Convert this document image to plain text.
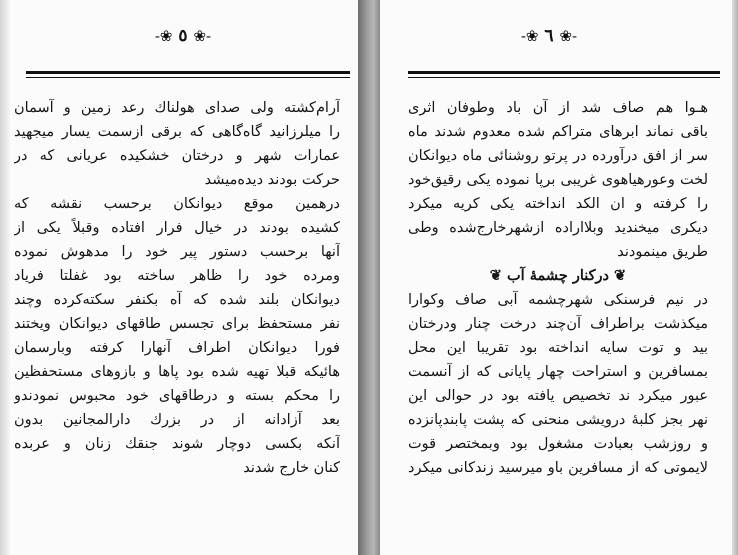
-❀ ٥ ❀-
آرام‌کشته ولی صدای هولناك رعد زمین و آسمان
را میلرزانید گاه‌گاهی که برقی ازسمت یسار میجهید
عمارات شهر و درختان خشکیده عریانی که در
حرکت بودند دیده‌میشد
درهمین موقع دیوانکان برحسب نقشه که
کشیده بودند در خیال فرار افتاده وقبلاً یکی از
آنها برحسب دستور پیر خود را مدهوش نموده
ومرده خود را ظاهر ساخته بود غفلتا فریاد
دیوانکان بلند شده که آه بکنفر سکته‌کرده وچند
نفر مستحفظ برای تجسس طاقهای دیوانکان ویختند
فورا دیوانکان اطراف آنهارا کرفته وبارسمان
هائیکه قبلا تهیه شده بود پاها و بازوهای مستحفظین
را محکم بسته و درطاقهای خود محبوس نمودندو
بعد آزادانه از در بزرك دارالمجانین بدون
آنکه بکسی دوچار شوند جنقك زنان و عربده
کنان خارج شدند
-❀ ٦ ❀-
هـوا هم صاف شد از آن باد وطوفان اثری
باقی نماند ابرهای متراکم شده معدوم شدند ماه
سر از افق درآورده در پرتو روشنائی ماه دیوانکان
لخت وعورهیاهوی غریبی برپا نموده یکی رقیق‌خود
را کرفته و ان الکد انداخته یکی کریه میکرد
دیکری میخندید وبلااراده ازشهرخارج‌شده وطی
طریق مینمودند
❦ درکنار چشمهٔ آب ❦
در نیم فرسنکی شهرچشمه آبی صاف وکوارا
میکذشت براطراف آن‌چند درخت چنار ودرختان
بید و توت سایه انداخته بود تقریبا این محل
بمسافرین و استراحت چهار پایانی که از آنسمت
عبور میکرد ند تخصیص یافته بود در حوالی این
نهر بجز کلبهٔ درویشی منحنی که پشت پابندپانزده
و روزشب بعبادت مشغول بود وبمختصر قوت
لایموتی که از مسافرین باو میرسید زندکانی میکرد
